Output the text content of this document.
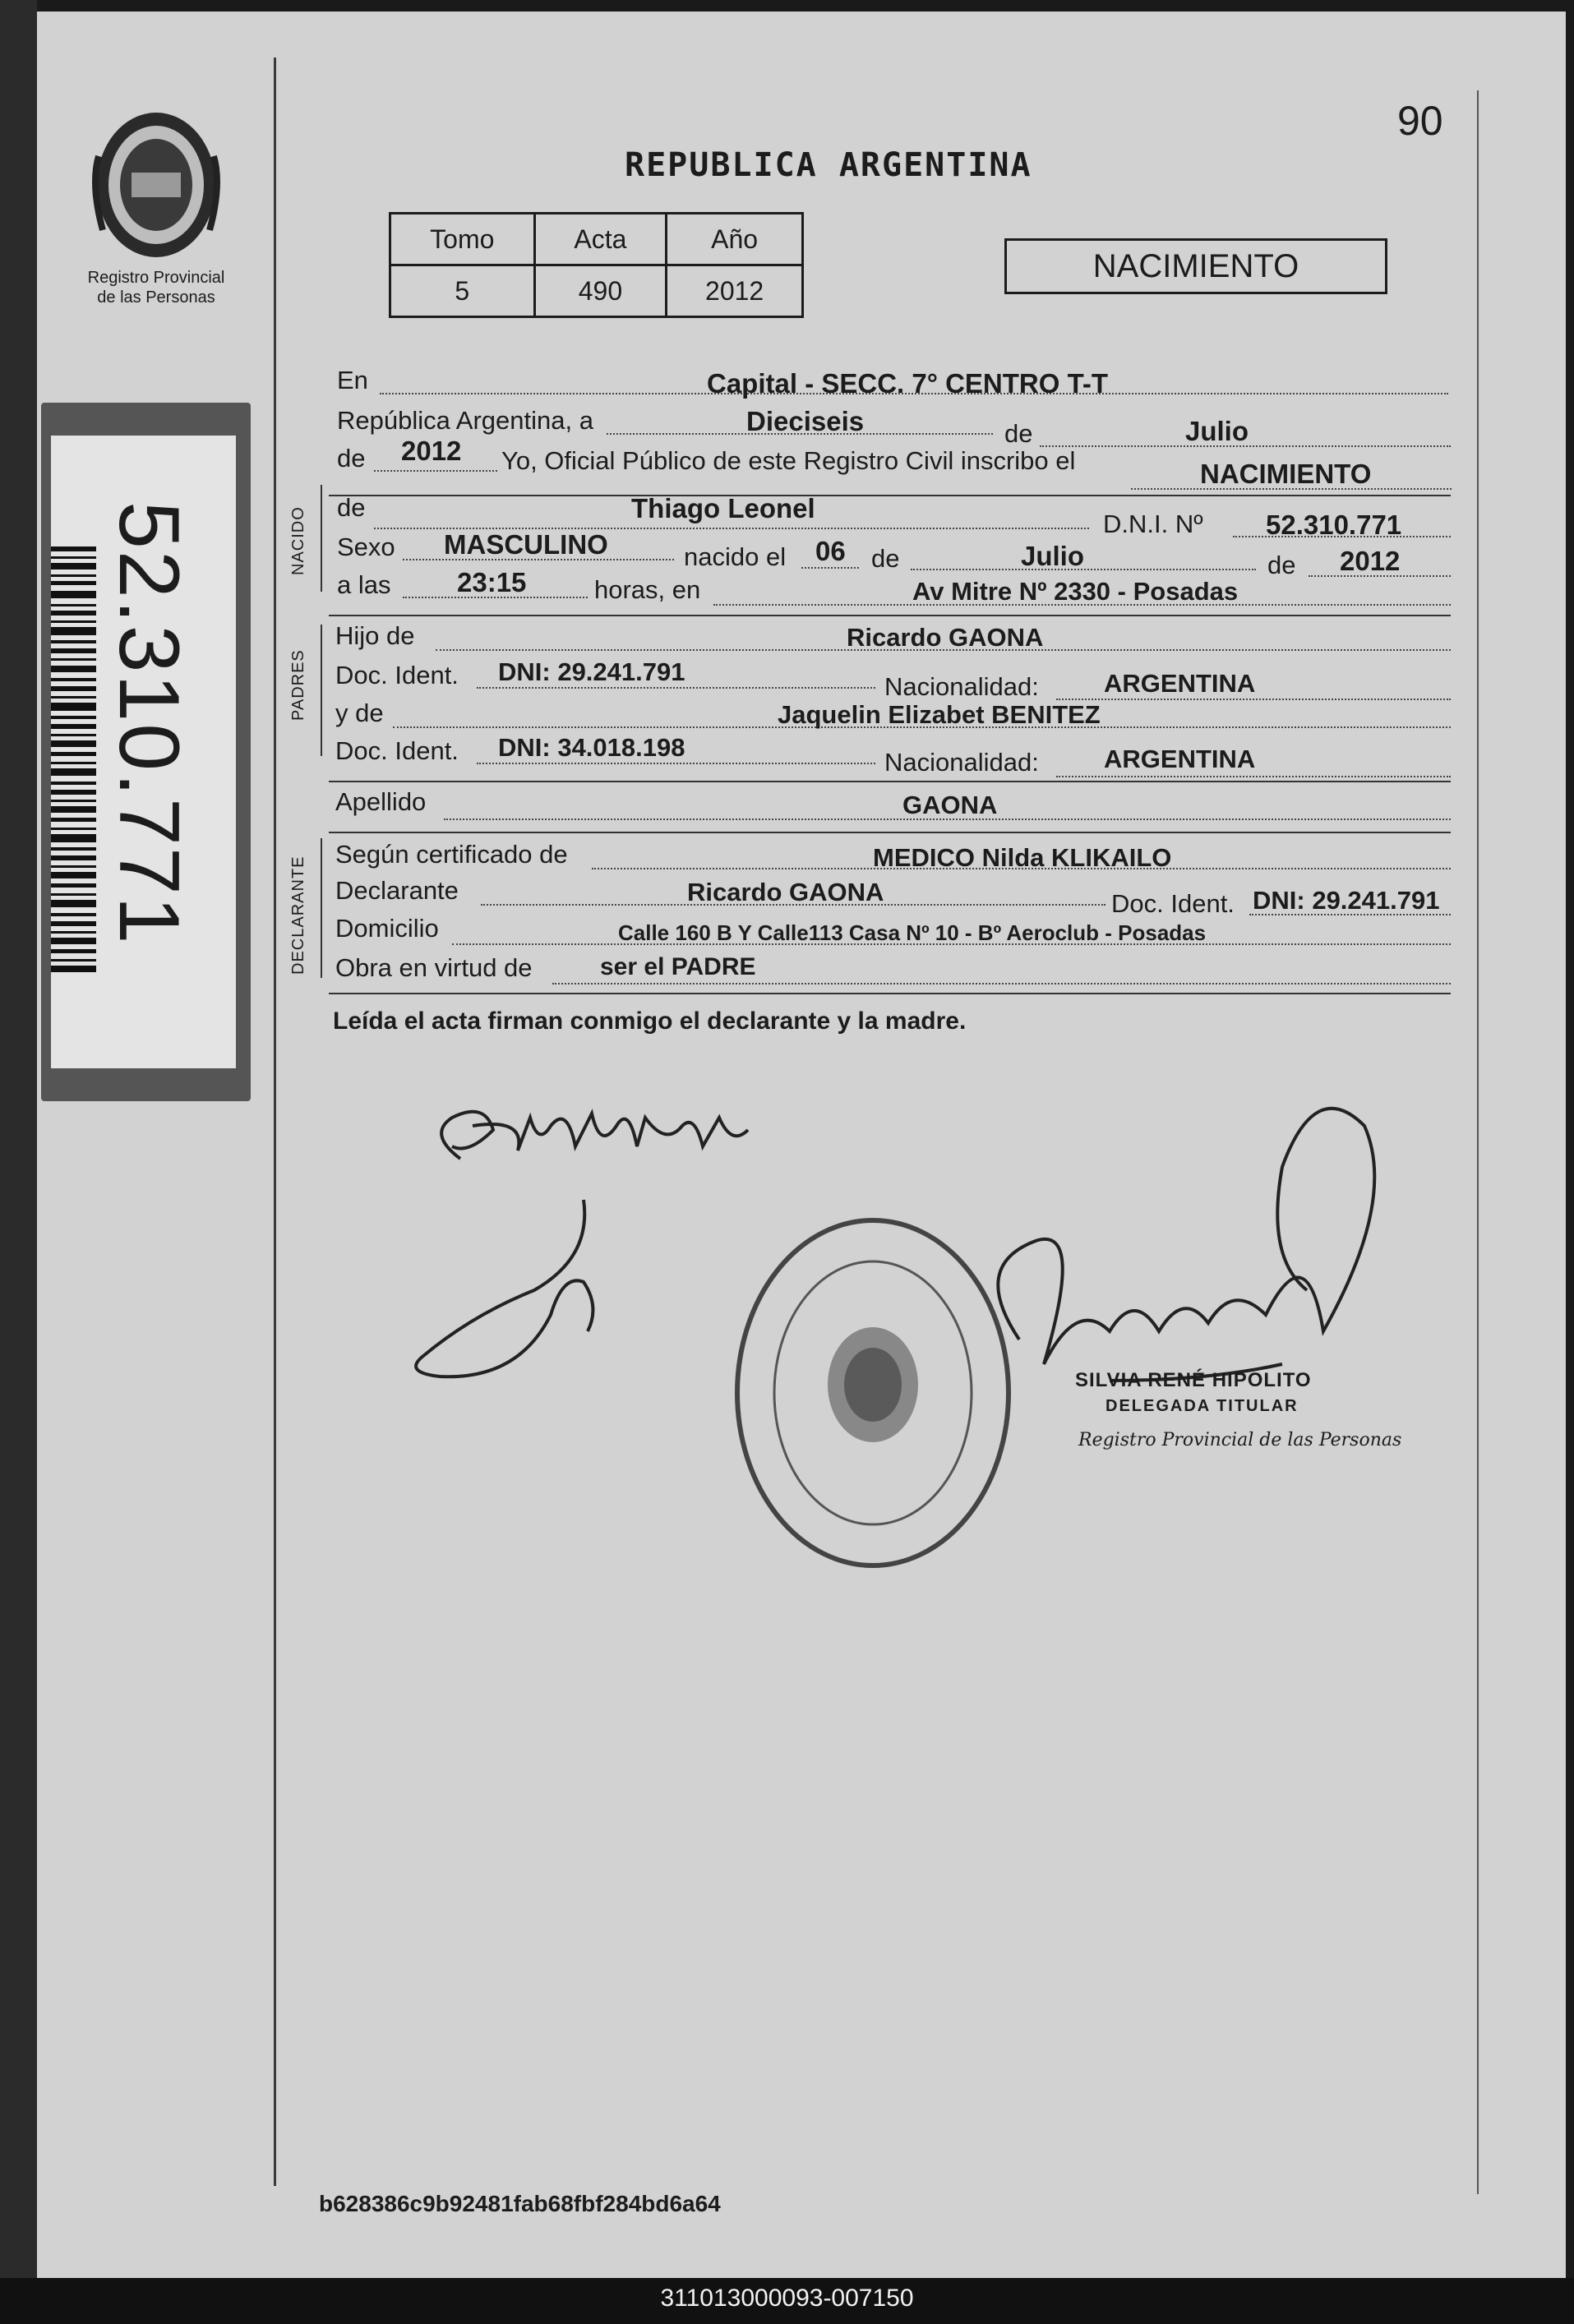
Registro Provincial
de las Personas
52.310.771
REPUBLICA ARGENTINA
90
Tomo	Acta	Año
5	490	2012
NACIMIENTO
NACIDO
PADRES
DECLARANTE
En	Capital - SECC. 7° CENTRO T-T
República Argentina, a	Dieciseis	de	Julio
de 2012 Yo, Oficial Público de este Registro Civil inscribo el	NACIMIENTO
de	Thiago Leonel
D.N.I. Nº 52.310.771
Sexo MASCULINO	nacido el 06 de	Julio	de 2012
a las 23:15	horas, en	Av Mitre Nº 2330 - Posadas
Hijo de	Ricardo GAONA
Doc. Ident. DNI: 29.241.791
Nacionalidad:	ARGENTINA
y de	Jaquelin Elizabet BENITEZ
Doc. Ident. DNI: 34.018.198
Nacionalidad:	ARGENTINA
Apellido	GAONA
Según certificado de	MEDICO Nilda KLIKAILO
Declarante	Ricardo GAONA	Doc. Ident. DNI: 29.241.791
Domicilio	Calle 160 B Y Calle113 Casa Nº 10 - Bº Aeroclub - Posadas
Obra en virtud de	ser el PADRE
Leída el acta firman conmigo el declarante y la madre.
SILVIA RENÉ HIPOLITO
DELEGADA TITULAR
Registro Provincial de las Personas
b628386c9b92481fab68fbf284bd6a64
311013000093-007150
